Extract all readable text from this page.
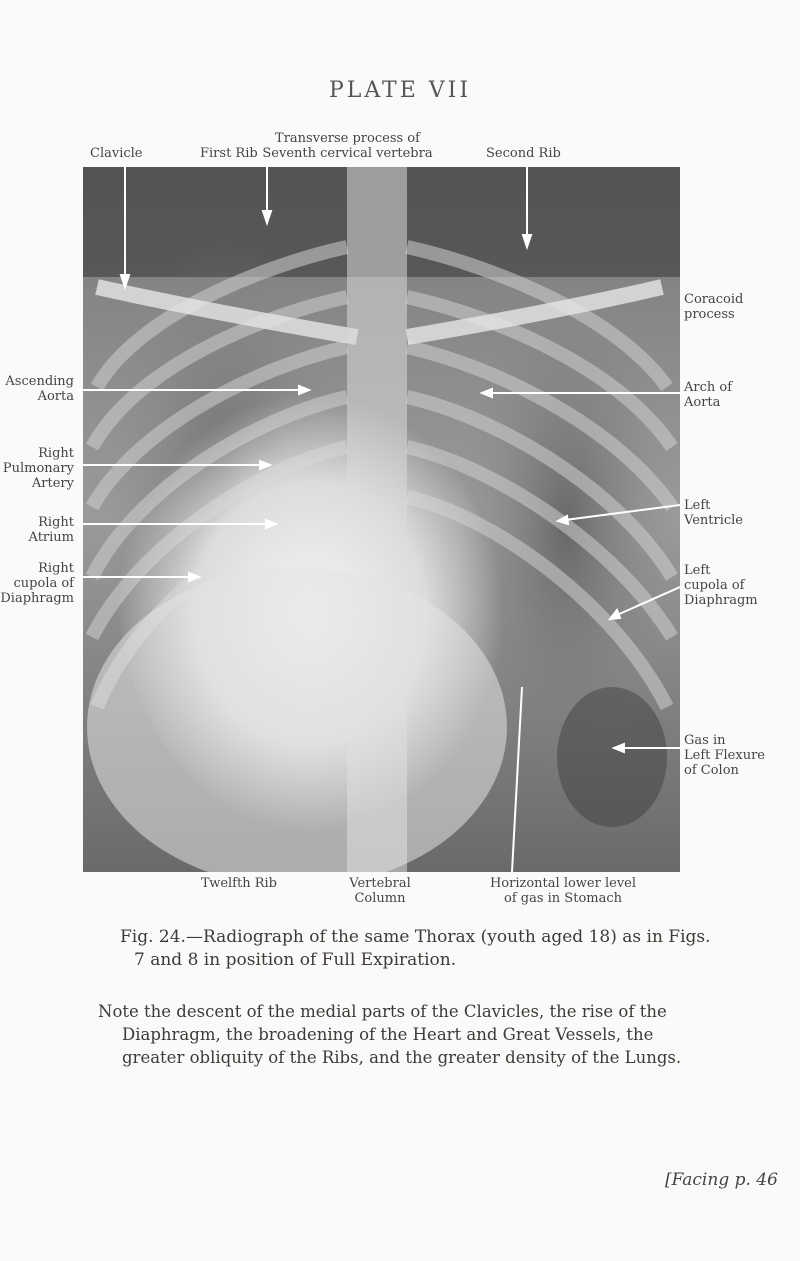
PLATE VII
Clavicle	First Rib
Transverse process of
Seventh cervical vertebra	Second Rib
Ascending
Aorta
Right
Pulmonary
Artery
Right
Atrium
Right
cupola of
Diaphragm
Coracoid
process
Arch of
Aorta
Left
Ventricle
Left
cupola of
Diaphragm
Gas in
Left Flexure
of Colon
Twelfth Rib	Vertebral
Column
Horizontal lower level
of gas in Stomach
Fig. 24.—Radiograph of the same Thorax (youth aged 18) as in Figs.
7 and 8 in position of Full Expiration.
Note the descent of the medial parts of the Clavicles, the rise of the
Diaphragm, the broadening of the Heart and Great Vessels, the
greater obliquity of the Ribs, and the greater density of the Lungs.
[Facing p. 46
